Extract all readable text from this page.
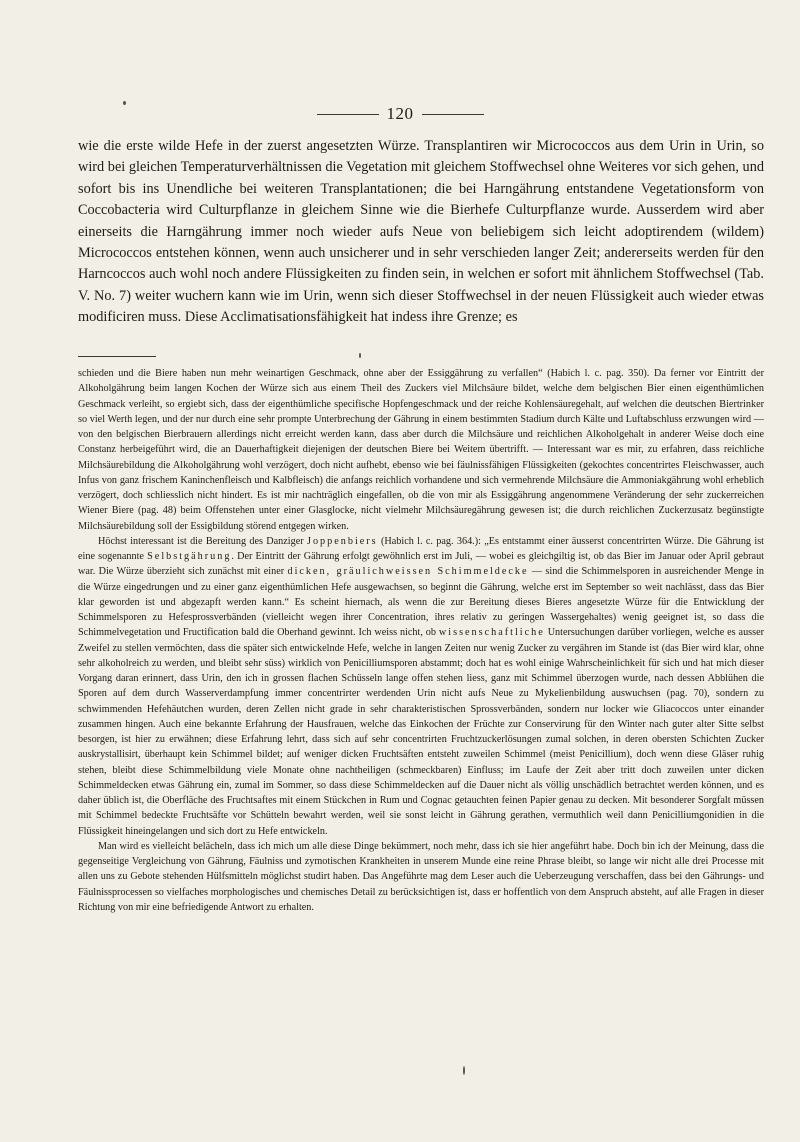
120

wie die erste wilde Hefe in der zuerst angesetzten Würze. Transplantiren wir Micrococcos aus dem Urin in Urin, so wird bei gleichen Temperaturverhältnissen die Vegetation mit gleichem Stoffwechsel ohne Weiteres vor sich gehen, und sofort bis ins Unendliche bei weiteren Transplantationen; die bei Harngährung entstandene Vegetationsform von Coccobacteria wird Culturpflanze in gleichem Sinne wie die Bierhefe Culturpflanze wurde. Ausserdem wird aber einerseits die Harngährung immer noch wieder aufs Neue von beliebigem sich leicht adoptirendem (wildem) Micrococcos entstehen können, wenn auch unsicherer und in sehr verschieden langer Zeit; andererseits werden für den Harncoccos auch wohl noch andere Flüssigkeiten zu finden sein, in welchen er sofort mit ähnlichem Stoffwechsel (Tab. V. No. 7) weiter wuchern kann wie im Urin, wenn sich dieser Stoffwechsel in der neuen Flüssigkeit auch wieder etwas modificiren muss. Diese Acclimatisationsfähigkeit hat indess ihre Grenze; es

schieden und die Biere haben nun mehr weinartigen Geschmack, ohne aber der Essiggährung zu verfallen“ (Habich l. c. pag. 350). Da ferner vor Eintritt der Alkoholgährung beim langen Kochen der Würze sich aus einem Theil des Zuckers viel Milchsäure bildet, welche dem belgischen Bier einen eigenthümlichen Geschmack verleiht, so ergiebt sich, dass der eigenthümliche specifische Hopfengeschmack und der reiche Kohlensäuregehalt, auf welchen die deutschen Biertrinker so viel Werth legen, und der nur durch eine sehr prompte Unterbrechung der Gährung in einem bestimmten Stadium durch Kälte und Luftabschluss erzwungen wird — von den belgischen Bierbrauern allerdings nicht erreicht werden kann, dass aber durch die Milchsäure und reichlichen Alkoholgehalt in anderer Weise doch eine Constanz herbeigeführt wird, die an Dauerhaftigkeit diejenigen der deutschen Biere bei Weitem übertrifft. — Interessant war es mir, zu erfahren, dass reichliche Milchsäurebildung die Alkoholgährung wohl verzögert, doch nicht aufhebt, ebenso wie bei fäulnissfähigen Flüssigkeiten (gekochtes concentrirtes Fleischwasser, auch Infus von ganz frischem Kaninchenfleisch und Kalbfleisch) die anfangs reichlich vorhandene und sich vermehrende Milchsäure die Ammoniakgährung wohl erheblich verzögert, doch schliesslich nicht hindert. Es ist mir nachträglich eingefallen, ob die von mir als Essiggährung angenommene Veränderung der sehr zuckerreichen Wiener Biere (pag. 48) beim Offenstehen unter einer Glasglocke, nicht vielmehr Milchsäuregährung gewesen ist; die durch reichlichen Zuckerzusatz begünstigte Milchsäurebildung soll der Essigbildung störend entgegen wirken.

Höchst interessant ist die Bereitung des Danziger Joppenbiers (Habich l. c. pag. 364.): „Es entstammt einer äusserst concentrirten Würze. Die Gährung ist eine sogenannte Selbstgährung. Der Eintritt der Gährung erfolgt gewöhnlich erst im Juli, — wobei es gleichgiltig ist, ob das Bier im Januar oder April gebraut war. Die Würze überzieht sich zunächst mit einer dicken, gräulichweissen Schimmeldecke — sind die Schimmelsporen in ausreichender Menge in die Würze eingedrungen und zu einer ganz eigenthümlichen Hefe ausgewachsen, so beginnt die Gährung, welche erst im September so weit nachlässt, dass das Bier klar geworden ist und abgezapft werden kann.“ Es scheint hiernach, als wenn die zur Bereitung dieses Bieres angesetzte Würze für die Entwicklung der Schimmelsporen zu Hefesprossverbänden (vielleicht wegen ihrer Concentration, ihres relativ zu geringen Wassergehaltes) wenig geeignet ist, so dass die Schimmelvegetation und Fructification bald die Oberhand gewinnt. Ich weiss nicht, ob wissenschaftliche Untersuchungen darüber vorliegen, welche es ausser Zweifel zu stellen vermöchten, dass die später sich entwickelnde Hefe, welche in langen Zeiten nur wenig Zucker zu vergähren im Stande ist (das Bier wird klar, ohne sehr alkoholreich zu werden, und bleibt sehr süss) wirklich von Penicilliumsporen abstammt; doch hat es wohl einige Wahrscheinlichkeit für sich und hat mich dieser Vorgang daran erinnert, dass Urin, den ich in grossen flachen Schüsseln lange offen stehen liess, ganz mit Schimmel überzogen wurde, nach dessen Abblühen die Sporen auf dem durch Wasserverdampfung immer concentrirter werdenden Urin nicht aufs Neue zu Mykelienbildung auswuchsen (pag. 70), sondern zu schwimmenden Hefehäutchen wurden, deren Zellen nicht grade in sehr charakteristischen Sprossverbänden, sondern nur locker wie Gliacoccos unter einander zusammen hingen. Auch eine bekannte Erfahrung der Hausfrauen, welche das Einkochen der Früchte zur Conservirung für den Winter nach guter alter Sitte selbst besorgen, ist hier zu erwähnen; diese Erfahrung lehrt, dass sich auf sehr concentrirten Fruchtzuckerlösungen zumal solchen, in deren obersten Schichten Zucker auskrystallisirt, überhaupt kein Schimmel bildet; auf weniger dicken Fruchtsäften entsteht zuweilen Schimmel (meist Penicillium), doch wenn diese Gläser ruhig stehen, bleibt diese Schimmelbildung viele Monate ohne nachtheiligen (schmeckbaren) Einfluss; im Laufe der Zeit aber tritt doch zuweilen unter dicken Schimmeldecken etwas Gährung ein, zumal im Sommer, so dass diese Schimmeldecken auf die Dauer nicht als völlig unschädlich betrachtet werden können, und es daher üblich ist, die Oberfläche des Fruchtsaftes mit einem Stückchen in Rum und Cognac getauchten feinen Papier genau zu decken. Mit besonderer Sorgfalt müssen mit Schimmel bedeckte Fruchtsäfte vor Schütteln bewahrt werden, weil sie sonst leicht in Gährung gerathen, vermuthlich weil dann Penicilliumgonidien in die Flüssigkeit hineingelangen und sich dort zu Hefe entwickeln.

Man wird es vielleicht belächeln, dass ich mich um alle diese Dinge bekümmert, noch mehr, dass ich sie hier angeführt habe. Doch bin ich der Meinung, dass die gegenseitige Vergleichung von Gährung, Fäulniss und zymotischen Krankheiten in unserem Munde eine reine Phrase bleibt, so lange wir nicht alle drei Processe mit allen uns zu Gebote stehenden Hülfsmitteln möglichst studirt haben. Das Angeführte mag dem Leser auch die Ueberzeugung verschaffen, dass bei den Gährungs- und Fäulnissprocessen so vielfaches morphologisches und chemisches Detail zu berücksichtigen ist, dass er hoffentlich von dem Anspruch absteht, auf alle Fragen in dieser Richtung von mir eine befriedigende Antwort zu erhalten.
